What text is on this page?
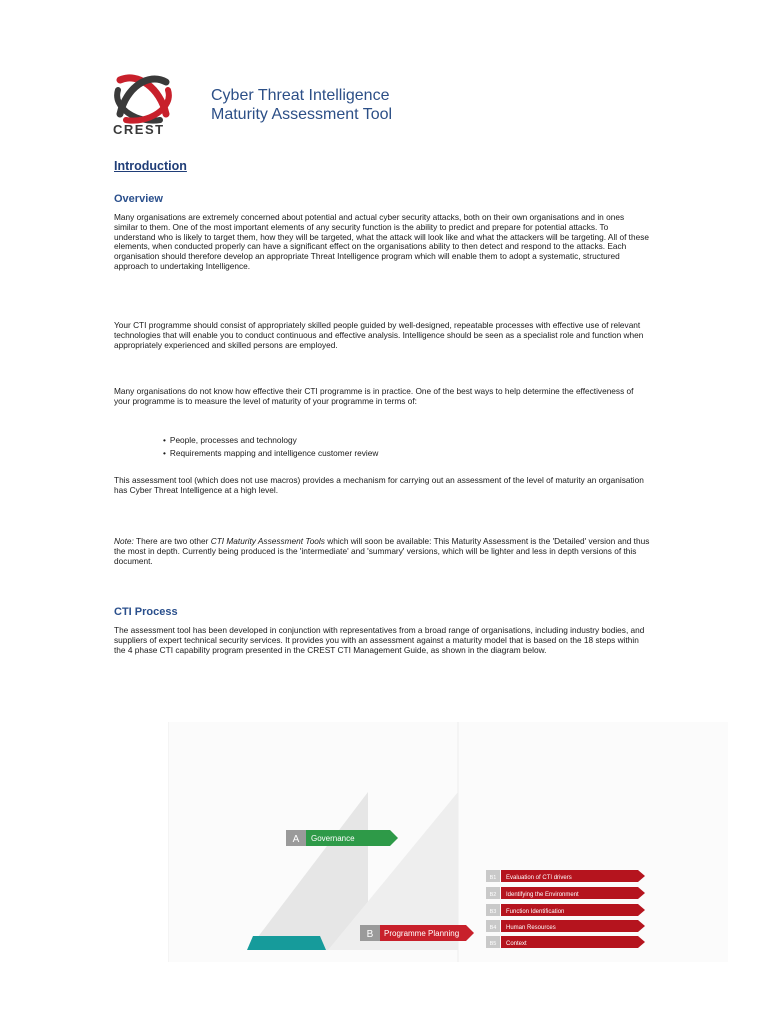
CREST
Cyber Threat Intelligence
Maturity Assessment Tool
Introduction
Overview
Many organisations are extremely concerned about potential and actual cyber security attacks, both on their own organisations and in ones similar to them. One of the most important elements of any security function is the ability to predict and prepare for potential attacks. To understand who is likely to target them, how they will be targeted, what the attack will look like and what the attackers will be targeting. All of these elements, when conducted properly can have a significant effect on the organisations ability to then detect and respond to the attacks. Each organisation should therefore develop an appropriate Threat Intelligence program which will enable them to adopt a systematic, structured approach to undertaking Intelligence.
Your CTI programme should consist of appropriately skilled people guided by well-designed, repeatable processes with effective use of relevant technologies that will enable you to conduct continuous and effective analysis. Intelligence should be seen as a specialist role and function when appropriately experienced and skilled persons are employed.
Many organisations do not know how effective their CTI programme is in practice. One of the best ways to help determine the effectiveness of your programme is to measure the level of maturity of your programme in terms of:
• People, processes and technology
• Requirements mapping and intelligence customer review
This assessment tool (which does not use macros) provides a mechanism for carrying out an assessment of the level of maturity an organisation has Cyber Threat Intelligence at a high level.
Note: There are two other CTI Maturity Assessment Tools which will soon be available: This Maturity Assessment is the 'Detailed' version and thus the most in depth. Currently being produced is the 'intermediate' and 'summary' versions, which will be lighter and less in depth versions of this document.
CTI Process
The assessment tool has been developed in conjunction with representatives from a broad range of organisations, including industry bodies, and suppliers of expert technical security services. It provides you with an assessment against a maturity model that is based on the 18 steps within the 4 phase CTI capability program presented in the CREST CTI Management Guide, as shown in the diagram below.
A Governance
B Programme Planning
B1 Evaluation of CTI drivers
B2 Identifying the Environment
B3 Function Identification
B4 Human Resources
B5 Context
